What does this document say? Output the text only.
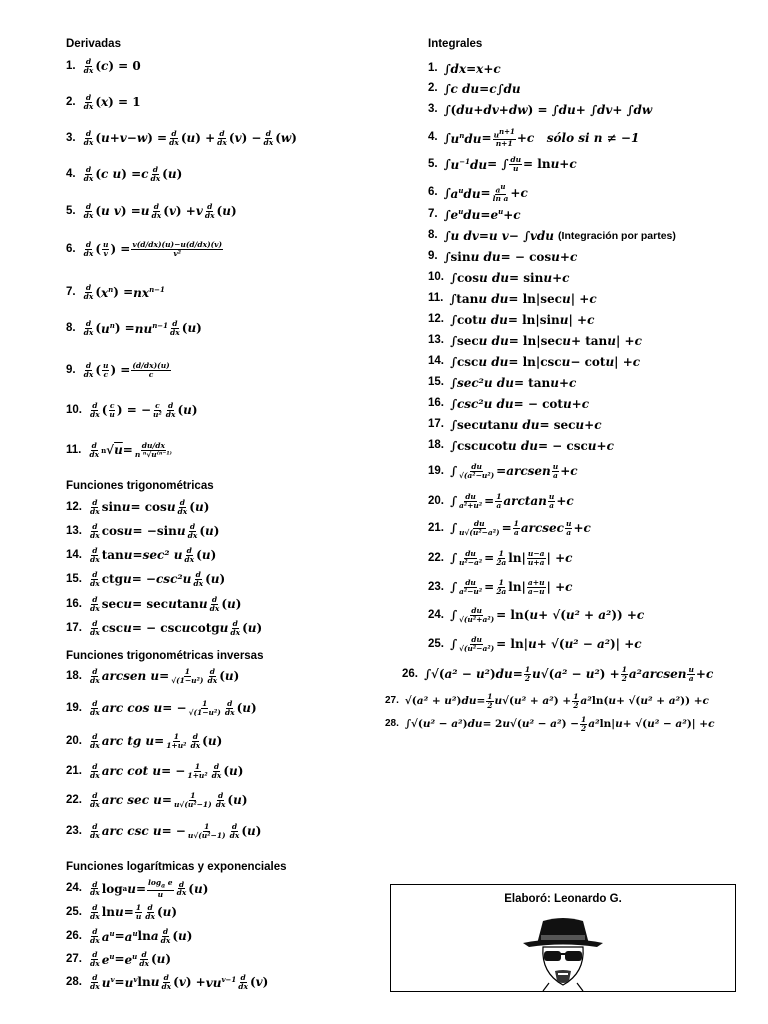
Derivadas
1. d
dx ( c ) = 0
2. d
dx ( x ) = 1
3. d
dx ( u + v − w ) = d
dx ( u ) + d
dx ( v ) − d
dx ( w )
4. d
dx ( c u ) = c d
dx ( u )
5. d
dx ( u v ) = u d
dx ( v ) + v d
dx ( u )
6. d
dx ( u
v ) = v(d/dx)(u)−u(d/dx)(v)
v²
7. d
dx ( $x^n$ ) = $nx^{n-1}$
8. d
dx ( $u^n$ ) = $nu^{n-1}$ d
dx ( u )
9. d
dx ( u
c ) = (d/dx)(u)
c
10. d
dx ( c
u ) = − c
u²
d
dx ( u )
11. d
dx n √ u = du/dx
n ⁿ√u⁽ⁿ⁻¹⁾
Funciones trigonométricas
12. d
dx sin u = cos u d
dx ( u )
13. d
dx cos u = −sin u d
dx ( u )
14. d
dx tan u = sec² u d
dx ( u )
15. d
dx ctg u = − csc²u d
dx ( u )
16. d
dx sec u = sec u tan u d
dx ( u )
17. d
dx csc u = − csc u cotg u d
dx ( u )
Funciones trigonométricas inversas
18. d
dx arcsen u = 1
√(1−u²)
d
dx ( u )
19. d
dx arc cos u = − 1
√(1−u²)
d
dx ( u )
20. d
dx arc tg u = 1
1+u²
d
dx ( u )
21. d
dx arc cot u = − 1
1+u²
d
dx ( u )
22. d
dx arc sec u = 1
u√(u²−1)
d
dx ( u )
23. d
dx arc csc u = − 1
u√(u²−1)
d
dx ( u )
Funciones logarítmicas y exponenciales
24. d
dx log a $u = \log_a e$
u
d
dx ( u )
25. d
dx ln u = 1
u
d
dx ( u )
26. d
dx $a^u = a^u$ ln a d
dx ( u )
27. d
dx $e^u = e^u$ d
dx ( u )
28. d
dx $u^v = u^v$ ln u d
dx ( v ) + $vu^{v-1}$ d
dx ( v )
Integrales
1. ∫ dx = x + c
2. ∫ c du = c ∫ du
3. ∫( du + dv + dw ) = ∫ du + ∫ dv + ∫ dw
4. ∫ $u^ndu = u^{n+1}$
n+1 + c
sólo si n ≠ −1
5. ∫ $u^{-1}du$ = ∫ du
u = ln u + c
6. ∫ $a^udu = a^u$
ln a + c
7. ∫ $e^udu = e^u + c$
8. ∫ u dv = u v − ∫ vdu (Integración por partes)
9. ∫sin u du = − cos u + c
10. ∫cos u du = sin u + c
11. ∫tan u du = ln|sec u | + c
12. ∫cot u du = ln|sin u | + c
13. ∫sec u du = ln|sec u + tan u | + c
14. ∫csc u du = ln|csc u − cot u | + c
15. ∫ sec²u du = tan u + c
16. ∫ csc²u du = − cot u + c
17. ∫sec u tan u du = sec u + c
18. ∫csc u cot u du = − csc u + c
19. ∫ du
√(a²−u²) = arcsen u
a + c
20. ∫ du
a²+u² = 1
a arctan u
a + c
21. ∫ du
u√(u²−a²) = 1
a arcsec u
a + c
22. ∫ du
u²−a² = 1
2a ln| u−a
u+a | + c
23. ∫ du
a²−u² = 1
2a ln| a+u
a−u | + c
24. ∫ du
√(u²+a²) = ln( u + √( u² + a² )) + c
25. ∫ du
√(u²−a²) = ln| u + √( u² − a² )| + c
26. ∫√( a² − u² ) du = 1
2 u √( a² − u² ) + 1
2 a²arcsen u
a + c
27. √( a² + u² ) du = 1
2 u √( u² + a² ) + 1
2 a² ln( u + √( u² + a² )) + c
28. ∫√( u² − a² ) du = 2 u √( u² − a² ) − 1
2 a² ln| u + √( u² − a² )| + c
Elaboró: Leonardo G.
